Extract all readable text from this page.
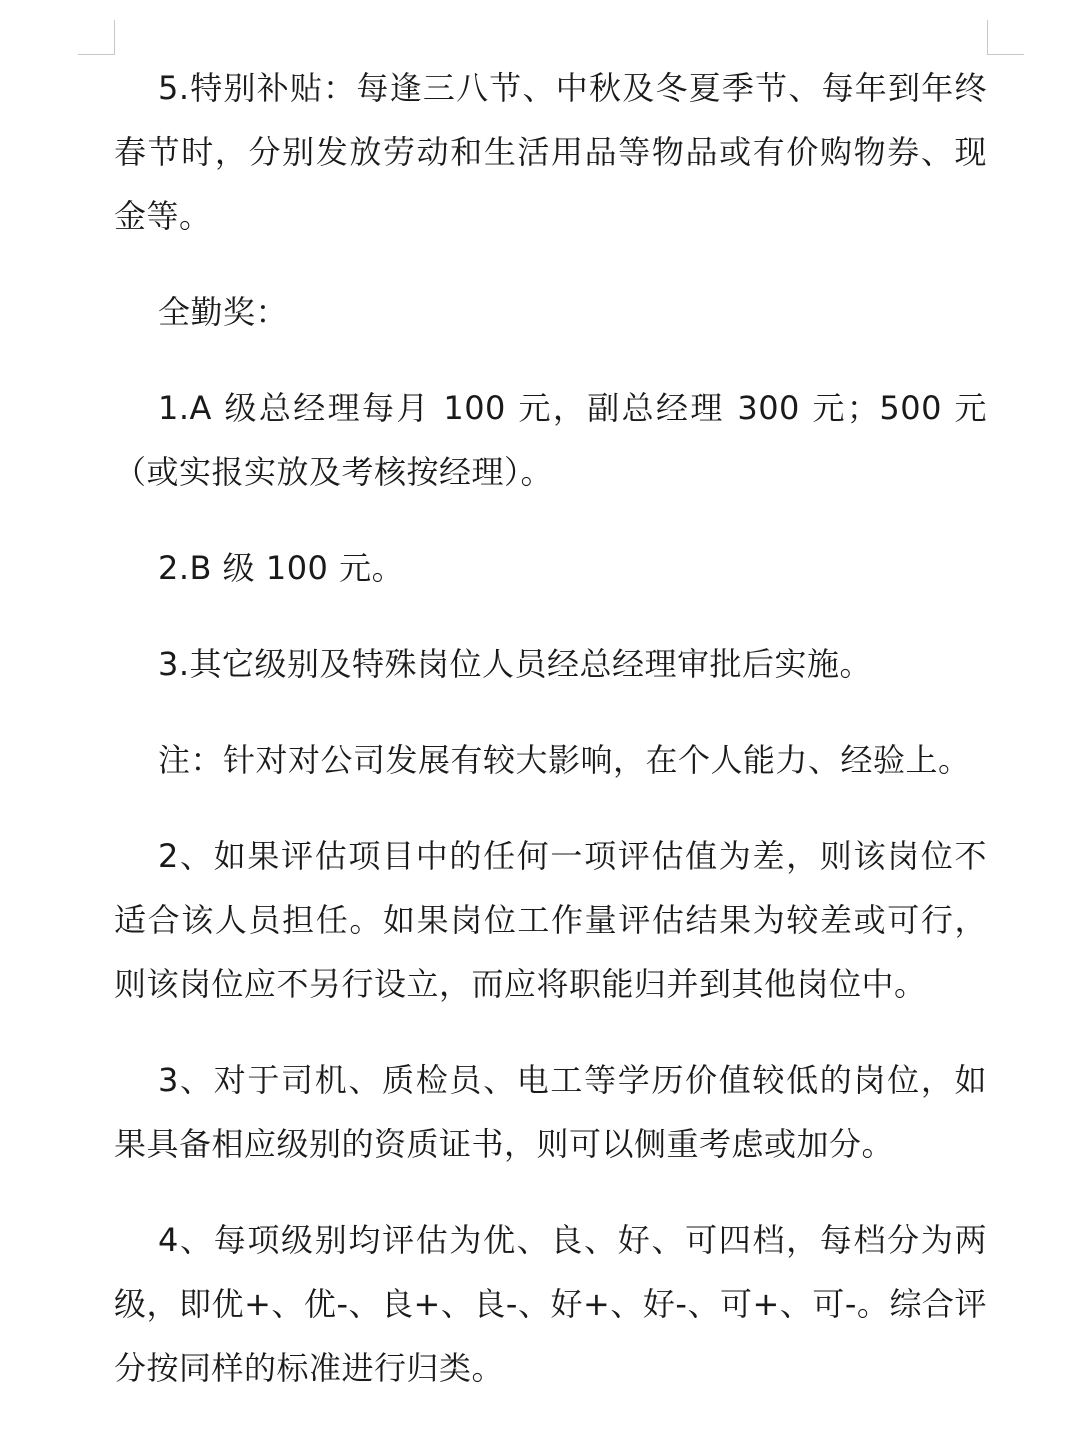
5.特别补贴：每逢三八节、中秋及冬夏季节、每年到年终春节时，分别发放劳动和生活用品等物品或有价购物券、现金等。

全勤奖：

1.A 级总经理每月 100 元，副总经理 300 元；500 元（或实报实放及考核按经理）。

2.B 级 100 元。

3.其它级别及特殊岗位人员经总经理审批后实施。

注：针对对公司发展有较大影响，在个人能力、经验上。

2、如果评估项目中的任何一项评估值为差，则该岗位不适合该人员担任。如果岗位工作量评估结果为较差或可行，则该岗位应不另行设立，而应将职能归并到其他岗位中。

3、对于司机、质检员、电工等学历价值较低的岗位，如果具备相应级别的资质证书，则可以侧重考虑或加分。

4、每项级别均评估为优、良、好、可四档，每档分为两级，即优+、优-、良+、良-、好+、好-、可+、可-。综合评分按同样的标准进行归类。
